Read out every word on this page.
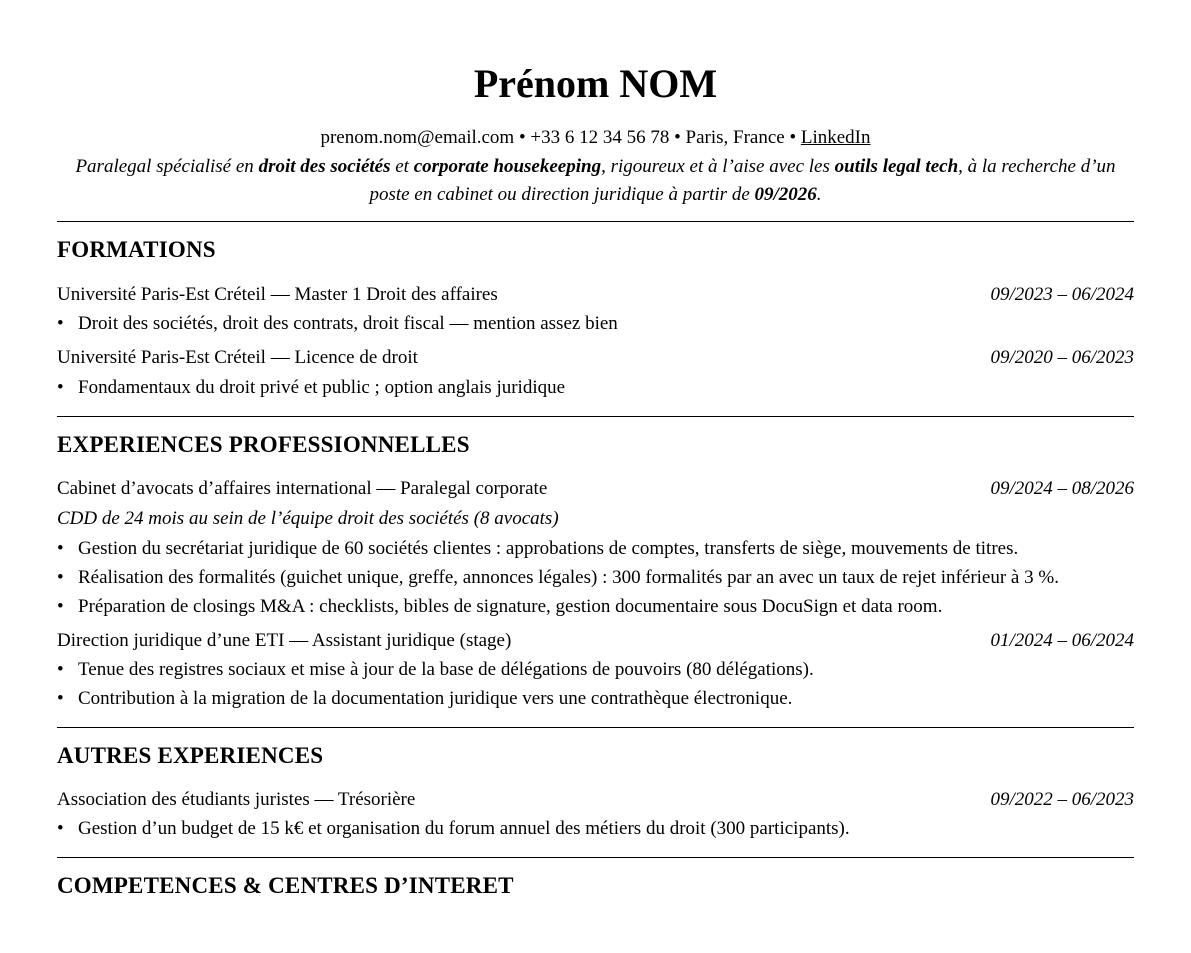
Prénom NOM
prenom.nom@email.com • +33 6 12 34 56 78 • Paris, France • LinkedIn
Paralegal spécialisé en droit des sociétés et corporate housekeeping, rigoureux et à l’aise avec les outils legal tech, à la recherche d’un poste en cabinet ou direction juridique à partir de 09/2026.
FORMATIONS
Université Paris-Est Créteil — Master 1 Droit des affaires	09/2023 – 06/2024
• Droit des sociétés, droit des contrats, droit fiscal — mention assez bien
Université Paris-Est Créteil — Licence de droit	09/2020 – 06/2023
• Fondamentaux du droit privé et public ; option anglais juridique
EXPERIENCES PROFESSIONNELLES
Cabinet d’avocats d’affaires international — Paralegal corporate	09/2024 – 08/2026
CDD de 24 mois au sein de l’équipe droit des sociétés (8 avocats)
• Gestion du secrétariat juridique de 60 sociétés clientes : approbations de comptes, transferts de siège, mouvements de titres.
• Réalisation des formalités (guichet unique, greffe, annonces légales) : 300 formalités par an avec un taux de rejet inférieur à 3 %.
• Préparation de closings M&A : checklists, bibles de signature, gestion documentaire sous DocuSign et data room.
Direction juridique d’une ETI — Assistant juridique (stage)	01/2024 – 06/2024
• Tenue des registres sociaux et mise à jour de la base de délégations de pouvoirs (80 délégations).
• Contribution à la migration de la documentation juridique vers une contrathèque électronique.
AUTRES EXPERIENCES
Association des étudiants juristes — Trésorière	09/2022 – 06/2023
• Gestion d’un budget de 15 k€ et organisation du forum annuel des métiers du droit (300 participants).
COMPETENCES & CENTRES D’INTERET
